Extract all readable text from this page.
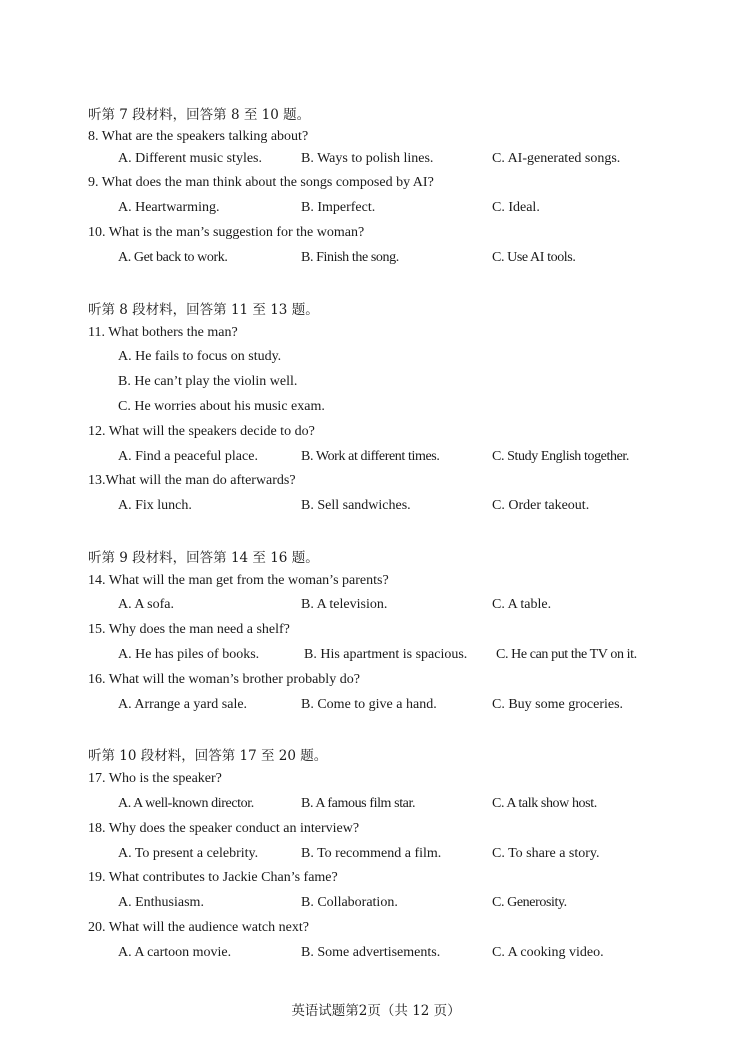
听第 7 段材料，回答第 8 至 10 题。
8. What are the speakers talking about?
A. Different music styles.	B. Ways to polish lines.	C. AI-generated songs.
9. What does the man think about the songs composed by AI?
A. Heartwarming.	B. Imperfect.	C. Ideal.
10. What is the man’s suggestion for the woman?
A. Get back to work.	B. Finish the song.	C. Use AI tools.
听第 8 段材料，回答第 11 至 13 题。
11. What bothers the man?
A. He fails to focus on study.
B. He can’t play the violin well.
C. He worries about his music exam.
12. What will the speakers decide to do?
A. Find a peaceful place.	B. Work at different times.	C. Study English together.
13.What will the man do afterwards?
A. Fix lunch.	B. Sell sandwiches.	C. Order takeout.
听第 9 段材料，回答第 14 至 16 题。
14. What will the man get from the woman’s parents?
A. A sofa.	B. A television.	C. A table.
15. Why does the man need a shelf?
A. He has piles of books.	B. His apartment is spacious. C. He can put the TV on it.
16. What will the woman’s brother probably do?
A. Arrange a yard sale.	B. Come to give a hand.	C. Buy some groceries.
听第 10 段材料，回答第 17 至 20 题。
17. Who is the speaker?
A. A well-known director.	B. A famous film star.	C. A talk show host.
18. Why does the speaker conduct an interview?
A. To present a celebrity.	B. To recommend a film.	C. To share a story.
19. What contributes to Jackie Chan’s fame?
A. Enthusiasm.	B. Collaboration.	C. Generosity.
20. What will the audience watch next?
A. A cartoon movie.	B. Some advertisements.	C. A cooking video.
英语试题第2页（共 12 页）
